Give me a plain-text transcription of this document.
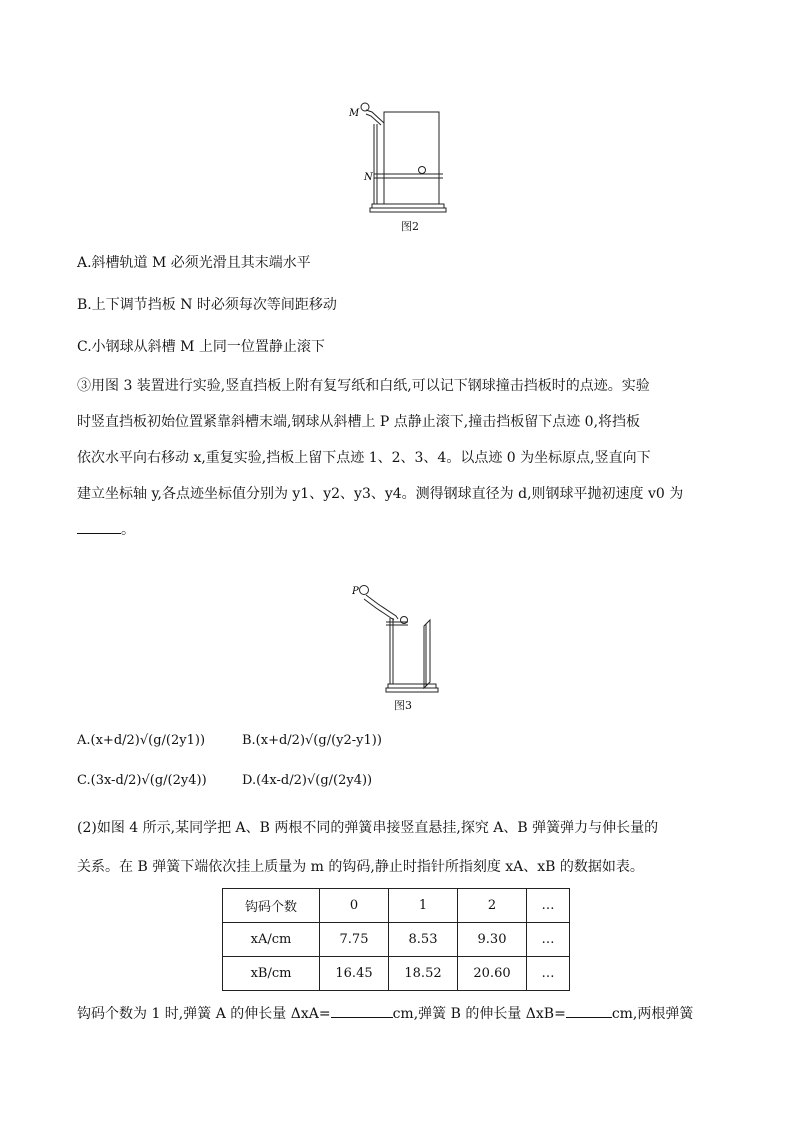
M
N
图2
A.斜槽轨道 M 必须光滑且其末端水平
B.上下调节挡板 N 时必须每次等间距移动
C.小钢球从斜槽 M 上同一位置静止滚下
③用图 3 装置进行实验,竖直挡板上附有复写纸和白纸,可以记下钢球撞击挡板时的点迹。实验
时竖直挡板初始位置紧靠斜槽末端,钢球从斜槽上 P 点静止滚下,撞击挡板留下点迹 0,将挡板
依次水平向右移动 x,重复实验,挡板上留下点迹 1、2、3、4。以点迹 0 为坐标原点,竖直向下
建立坐标轴 y,各点迹坐标值分别为 y1、y2、y3、y4。测得钢球直径为 d,则钢球平抛初速度 v0 为
。
P
图3
A.(x+d/2)√(g/(2y1))	B.(x+d/2)√(g/(y2-y1))
C.(3x-d/2)√(g/(2y4))	D.(4x-d/2)√(g/(2y4))
(2)如图 4 所示,某同学把 A、B 两根不同的弹簧串接竖直悬挂,探究 A、B 弹簧弹力与伸长量的
关系。在 B 弹簧下端依次挂上质量为 m 的钩码,静止时指针所指刻度 xA、xB 的数据如表。
钩码个数	0	1	2	…
xA/cm	7.75	8.53	9.30	…
xB/cm	16.45	18.52	20.60	…
钩码个数为 1 时,弹簧 A 的伸长量 ΔxA=	cm,弹簧 B 的伸长量 ΔxB=	cm,两根弹簧
